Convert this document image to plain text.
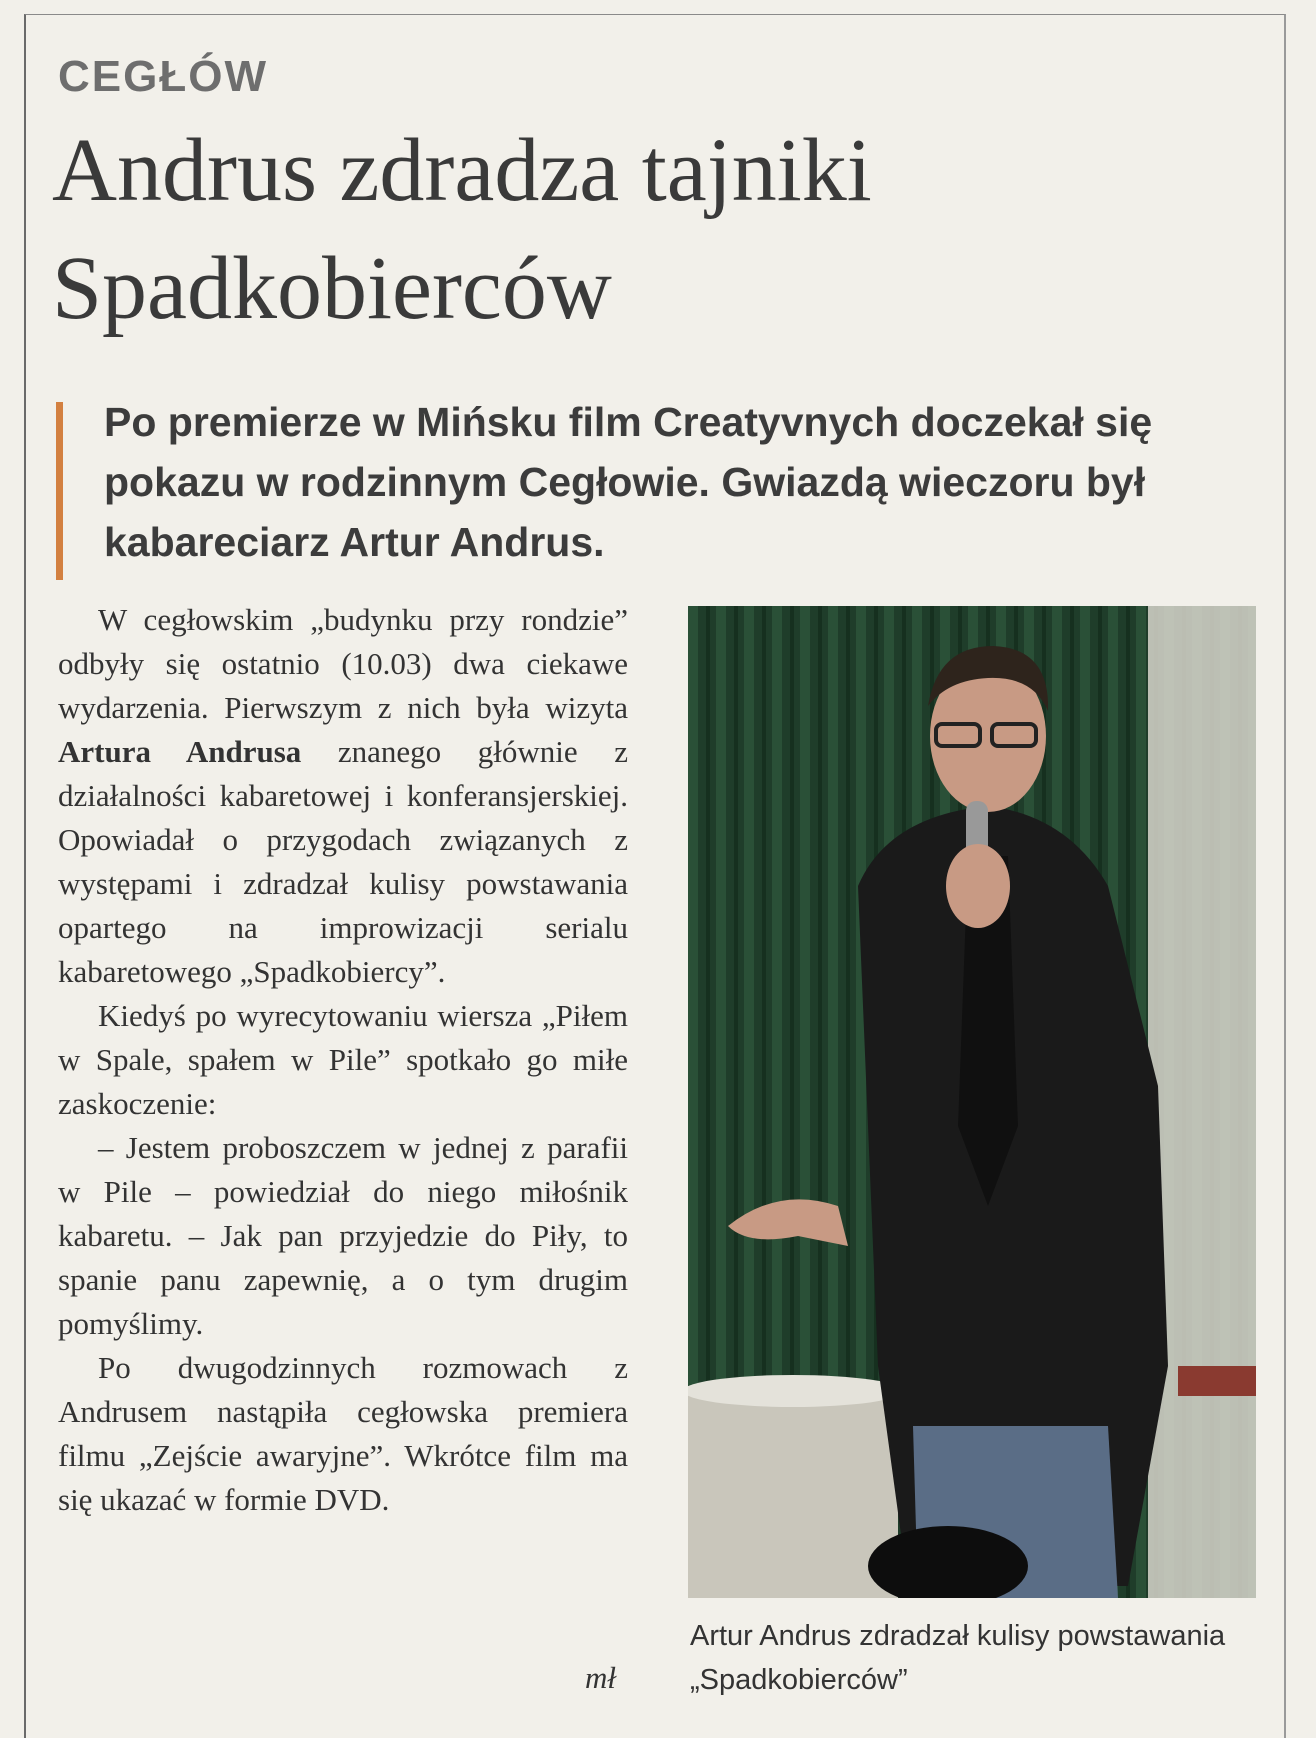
CEGŁÓW
Andrus zdradza tajniki Spadkobierców

Po premierze w Mińsku film Creatyvnych doczekał się pokazu w rodzinnym Cegłowie. Gwiazdą wieczoru był kabareciarz Artur Andrus.

W cegłowskim „budynku przy rondzie” odbyły się ostatnio (10.03) dwa ciekawe wydarzenia. Pierwszym z nich była wizyta Artura Andrusa znanego głównie z działalności kabaretowej i konferansjerskiej. Opowiadał o przygodach związanych z występami i zdradzał kulisy powstawania opartego na improwizacji serialu kabaretowego „Spadkobiercy”.

Kiedyś po wyrecytowaniu wiersza „Piłem w Spale, spałem w Pile” spotkało go miłe zaskoczenie:

– Jestem proboszczem w jednej z parafii w Pile – powiedział do niego miłośnik kabaretu. – Jak pan przyjedzie do Piły, to spanie panu zapewnię, a o tym drugim pomyślimy.

Po dwugodzinnych rozmowach z Andrusem nastąpiła cegłowska premiera filmu „Zejście awaryjne”. Wkrótce film ma się ukazać w formie DVD.

mł
Artur Andrus zdradzał kulisy powstawania „Spadkobierców”
